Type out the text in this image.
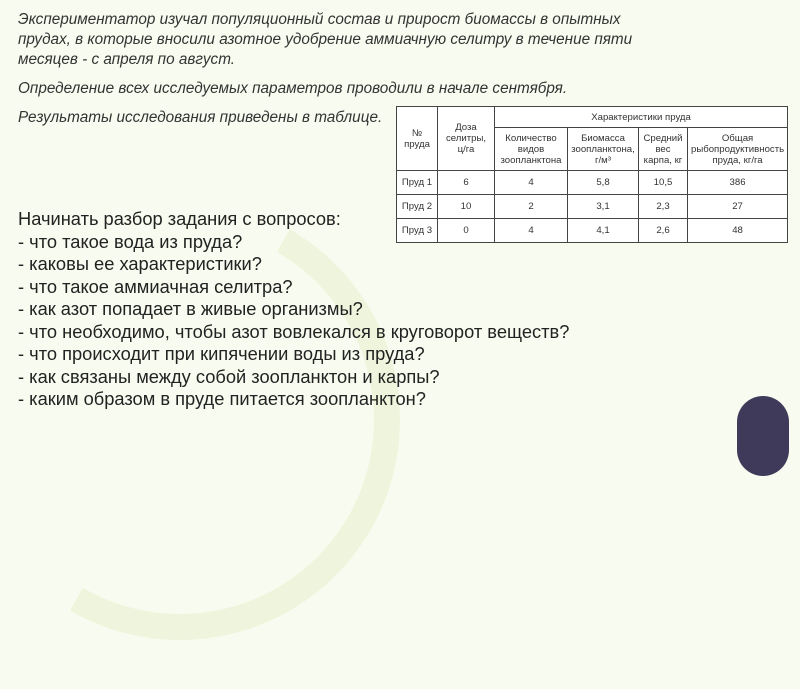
Экспериментатор изучал популяционный состав и прирост биомассы в опытных прудах, в которые вносили азотное удобрение аммиачную селитру в течение пяти месяцев - с апреля по август.

Определение всех исследуемых параметров проводили в начале сентября.

Результаты исследования приведены в таблице.

№ пруда	Доза селитры, ц/га	Характеристики пруда			
		Количество видов зоопланктона	Биомасса зоопланктона, г/м³	Средний вес карпа, кг	Общая рыбопродуктивность пруда, кг/га
Пруд 1	6	4	5,8	10,5	386
Пруд 2	10	2	3,1	2,3	27
Пруд 3	0	4	4,1	2,6	48
Начинать разбор задания с вопросов:
- что такое вода из пруда?
- каковы ее характеристики?
- что такое аммиачная селитра?
- как азот попадает в живые организмы?
- что необходимо, чтобы азот вовлекался в круговорот веществ?
- что происходит при кипячении воды из пруда?
- как связаны между собой зоопланктон и карпы?
- каким образом в пруде питается зоопланктон?
